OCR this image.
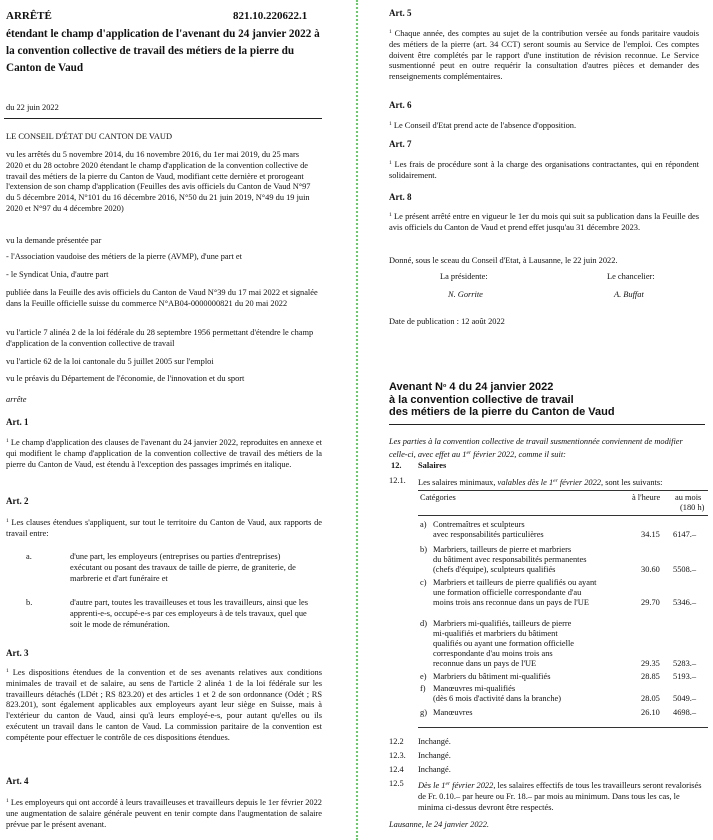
ARRÊTÉ	821.10.220622.1
étendant le champ d'application de l'avenant du 24 janvier 2022 à la convention collective de travail des métiers de la pierre du Canton de Vaud
du 22 juin 2022

LE CONSEIL D'ÉTAT DU CANTON DE VAUD

vu les arrêtés du 5 novembre 2014, du 16 novembre 2016, du 1er mai 2019, du 25 mars 2020 et du 28 octobre 2020 étendant le champ d'application de la convention collective de travail des métiers de la pierre du Canton de Vaud, modifiant cette dernière et prorogeant l'extension de son champ d'application (Feuilles des avis officiels du Canton de Vaud N°97 du 5 décembre 2014, N°101 du 16 décembre 2016, N°50 du 21 juin 2019, N°49 du 19 juin 2020 et N°97 du 4 décembre 2020)

vu la demande présentée par

- l'Association vaudoise des métiers de la pierre (AVMP), d'une part et

- le Syndicat Unia, d'autre part

publiée dans la Feuille des avis officiels du Canton de Vaud N°39 du 17 mai 2022 et signalée dans la Feuille officielle suisse du commerce N°AB04-0000000821 du 20 mai 2022

vu l'article 7 alinéa 2 de la loi fédérale du 28 septembre 1956 permettant d'étendre le champ d'application de la convention collective de travail

vu l'article 62 de la loi cantonale du 5 juillet 2005 sur l'emploi

vu le préavis du Département de l'économie, de l'innovation et du sport

arrête

Art. 1

$^1$ Le champ d'application des clauses de l'avenant du 24 janvier 2022, reproduites en annexe et qui modifient le champ d'application de la convention collective de travail des métiers de la pierre du Canton de Vaud, est étendu à l'exception des passages imprimés en italique.

Art. 2

$^1$ Les clauses étendues s'appliquent, sur tout le territoire du Canton de Vaud, aux rapports de travail entre:

a.	d'une part, les employeurs (entreprises ou parties d'entreprises) exécutant ou posant des travaux de taille de pierre, de graniterie, de marbrerie et d'art funéraire et

b.	d'autre part, toutes les travailleuses et tous les travailleurs, ainsi que les apprenti-e-s, occupé-e-s par ces employeurs à de tels travaux, quel que soit le mode de rémunération.

Art. 3

$^1$ Les dispositions étendues de la convention et de ses avenants relatives aux conditions minimales de travail et de salaire, au sens de l'article 2 alinéa 1 de la loi fédérale sur les travailleurs détachés (LDét ; RS 823.20) et des articles 1 et 2 de son ordonnance (Odét ; RS 823.201), sont également applicables aux employeurs ayant leur siège en Suisse, mais à l'extérieur du canton de Vaud, ainsi qu'à leurs employé-e-s, pour autant qu'elles ou ils exécutent un travail dans le canton de Vaud. La commission paritaire de la convention est compétente pour effectuer le contrôle de ces dispositions étendues.

Art. 4

$^1$ Les employeurs qui ont accordé à leurs travailleuses et travailleurs depuis le 1er février 2022 une augmentation de salaire générale peuvent en tenir compte dans l'augmentation de salaire prévue par le présent avenant.

Art. 5

$^1$ Chaque année, des comptes au sujet de la contribution versée au fonds paritaire vaudois des métiers de la pierre (art. 34 CCT) seront soumis au Service de l'emploi. Ces comptes doivent être complétés par le rapport d'une institution de révision reconnue. Le Service susmentionné peut en outre requérir la consultation d'autres pièces et demander des renseignements complémentaires.

Art. 6

$^1$ Le Conseil d'Etat prend acte de l'absence d'opposition.

Art. 7

$^1$ Les frais de procédure sont à la charge des organisations contractantes, qui en répondent solidairement.

Art. 8

$^1$ Le présent arrêté entre en vigueur le 1er du mois qui suit sa publication dans la Feuille des avis officiels du Canton de Vaud et prend effet jusqu'au 31 décembre 2023.

Donné, sous le sceau du Conseil d'Etat, à Lausanne, le 22 juin 2022.

La présidente:	Le chancelier:

N. Gorrite	A. Buffat

Date de publication : 12 août 2022

Avenant $N^o$ 4 du 24 janvier 2022
à la convention collective de travail
des métiers de la pierre du Canton de Vaud

Les parties à la convention collective de travail susmentionnée conviennent de modifier celle-ci, avec effet au 1er février 2022, comme il suit:

12. Salaires
12.1. Les salaires minimaux, valables dès le 1er février 2022, sont les suivants:
Catégories	à l'heure au mois
(180 h)
a) Contremaîtres et sculpteurs
avec responsabilités particulières	34.15 6147.–
b) Marbriers, tailleurs de pierre et marbriers
du bâtiment avec responsabilités permanentes
(chefs d'équipe), sculpteurs qualifiés	30.60 5508.–
c) Marbriers et tailleurs de pierre qualifiés ou ayant
une formation officielle correspondante d'au
moins trois ans reconnue dans un pays de l'UE	29.70 5346.–
d) Marbriers mi-qualifiés, tailleurs de pierre
mi-qualifiés et marbriers du bâtiment
qualifiés ou ayant une formation officielle
correspondante d'au moins trois ans
reconnue dans un pays de l'UE	29.35 5283.–
e) Marbriers du bâtiment mi-qualifiés	28.85 5193.–
f) Manœuvres mi-qualifiés
(dès 6 mois d'activité dans la branche)	28.05 5049.–
g) Manœuvres	26.10 4698.–
12.2 Inchangé.
12.3. Inchangé.
12.4 Inchangé.
12.5 Dès le 1er février 2022, les salaires effectifs de tous les travailleurs seront revalorisés de Fr. 0.10.– par heure ou Fr. 18.– par mois au minimum. Dans tous les cas, le minima ci-dessus devront être respectés.

Lausanne, le 24 janvier 2022.
